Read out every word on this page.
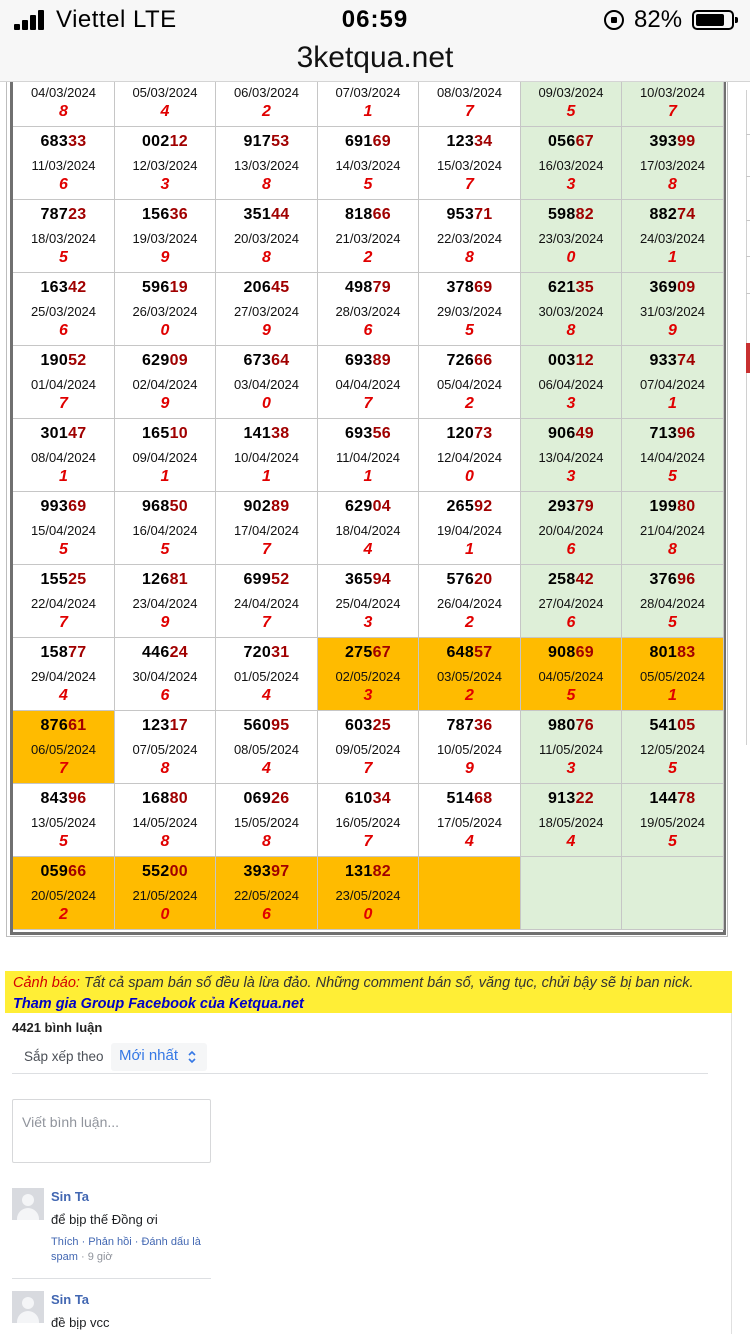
Viettel LTE	06:59	82%
3ketqua.net
04/03/2024
8
05/03/2024
4
06/03/2024
2
07/03/2024
1
08/03/2024
7
09/03/2024
5
10/03/2024
7
68333
11/03/2024
6
00212
12/03/2024
3
91753
13/03/2024
8
69169
14/03/2024
5
12334
15/03/2024
7
05667
16/03/2024
3
39399
17/03/2024
8
78723
18/03/2024
5
15636
19/03/2024
9
35144
20/03/2024
8
81866
21/03/2024
2
95371
22/03/2024
8
59882
23/03/2024
0
88274
24/03/2024
1
16342
25/03/2024
6
59619
26/03/2024
0
20645
27/03/2024
9
49879
28/03/2024
6
37869
29/03/2024
5
62135
30/03/2024
8
36909
31/03/2024
9
19052
01/04/2024
7
62909
02/04/2024
9
67364
03/04/2024
0
69389
04/04/2024
7
72666
05/04/2024
2
00312
06/04/2024
3
93374
07/04/2024
1
30147
08/04/2024
1
16510
09/04/2024
1
14138
10/04/2024
1
69356
11/04/2024
1
12073
12/04/2024
0
90649
13/04/2024
3
71396
14/04/2024
5
99369
15/04/2024
5
96850
16/04/2024
5
90289
17/04/2024
7
62904
18/04/2024
4
26592
19/04/2024
1
29379
20/04/2024
6
19980
21/04/2024
8
15525
22/04/2024
7
12681
23/04/2024
9
69952
24/04/2024
7
36594
25/04/2024
3
57620
26/04/2024
2
25842
27/04/2024
6
37696
28/04/2024
5
15877
29/04/2024
4
44624
30/04/2024
6
72031
01/05/2024
4
27567
02/05/2024
3
64857
03/05/2024
2
90869
04/05/2024
5
80183
05/05/2024
1
87661
06/05/2024
7
12317
07/05/2024
8
56095
08/05/2024
4
60325
09/05/2024
7
78736
10/05/2024
9
98076
11/05/2024
3
54105
12/05/2024
5
84396
13/05/2024
5
16880
14/05/2024
8
06926
15/05/2024
8
61034
16/05/2024
7
51468
17/05/2024
4
91322
18/05/2024
4
14478
19/05/2024
5
05966
20/05/2024
2
55200
21/05/2024
0
39397
22/05/2024
6
13182
23/05/2024
0

Cảnh báo: Tất cả spam bán số đều là lừa đảo. Những comment bán số, văng tục, chửi bậy sẽ bị ban nick.

Tham gia Group Facebook của Ketqua.net

4421 bình luận
Sắp xếp theo Mới nhất
Viết bình luận...
Sin Ta
để bịp thế Đồng ơi
Thích · Phản hồi · Đánh dấu là spam · 9 giờ
Sin Ta
đề bịp vcc
